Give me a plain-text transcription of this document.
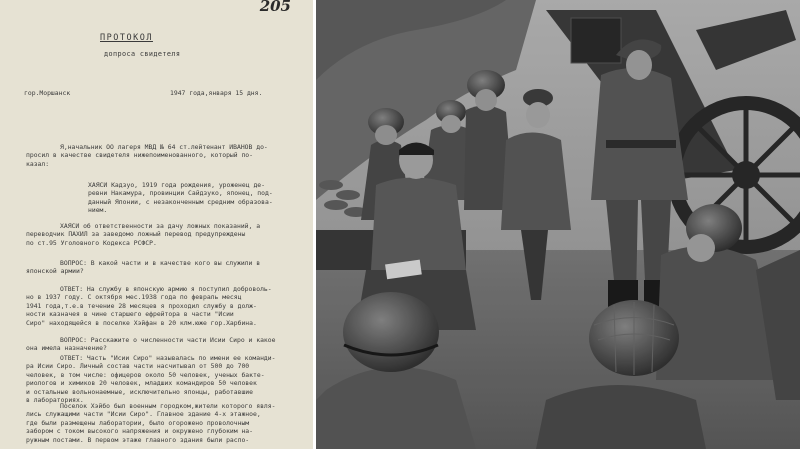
205
ПРОТОКОЛ
допроса свидетеля
гор.Моршанск	1947 года,января 15 дня.
Я,начальник ОО лагеря МВД № 64 ст.лейтенант ИВАНОВ до-
просил в качестве свидетеля нижепоименованного, который по-
казал:
ХАЯСИ Кадзуо, 1919 года рождения, уроженец де-
ревни Накамура, провинции Сайдзуко, японец, под-
данный Японии, с незаконченным средним образова-
нием.
ХАЯСИ об ответственности за дачу ложных показаний, а
переводчик ПАХИЛ за заведомо ложный перевод предупреждены
по ст.95 Уголовного Кодекса РСФСР.
ВОПРОС: В какой части и в качестве кого вы служили в
японской армии?
ОТВЕТ: На службу в японскую армию я поступил доброволь-
но в 1937 году. С октября мес.1938 года по февраль месяц
1941 года,т.е.в течение 28 месяцев я проходил службу в долж-
ности казначея в чине старшего ефрейтора в части "Исии
Сиро" находящейся в поселке Хэйфан в 20 клм.юже гор.Харбина.
ВОПРОС: Расскажите о численности части Исии Сиро и какое
она имела назначение?
ОТВЕТ: Часть "Исии Сиро" называлась по имени ее команди-
ра Исии Сиро. Личный состав части насчитывал от 500 до 700
человек, в том числе: офицеров около 50 человек, ученых бакте-
риологов и химиков 20 человек, младших командиров 50 человек
и остальные вольнонаемные, исключительно японцы, работавшие
в лабораториях.
Поселок Хэйбо был военным городком,жители которого явля-
лись служащими части "Исии Сиро". Главное здание 4-х этажное,
где были размещены лаборатории, было огорожено проволочным
забором с током высокого напряжения и окружено глубоким на-
ружным постами. В первом этаже главного здания были распо-
